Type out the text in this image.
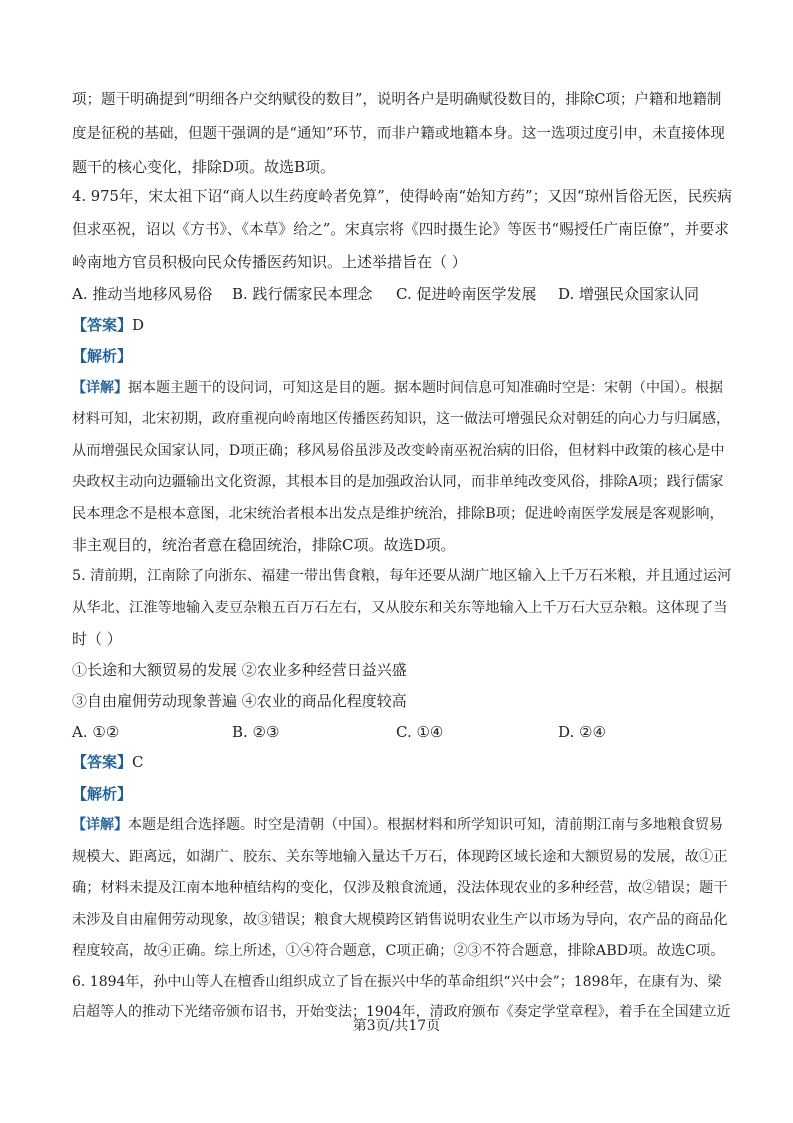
项；题干明确提到“明细各户交纳赋役的数目”，说明各户是明确赋役数目的，排除C项；户籍和地籍制
度是征税的基础，但题干强调的是“通知”环节，而非户籍或地籍本身。这一选项过度引申，未直接体现
题干的核心变化，排除D项。故选B项。
4. 975年，宋太祖下诏“商人以生药度岭者免算”，使得岭南“始知方药”；又因“琼州旨俗无医，民疾病
但求巫祝，诏以《方书》、《本草》给之”。宋真宗将《四时摄生论》等医书“赐授任广南臣僚”，并要求
岭南地方官员积极向民众传播医药知识。上述举措旨在（ ）
A. 推动当地移风易俗 B. 践行儒家民本理念 C. 促进岭南医学发展 D. 增强民众国家认同
【答案】D
【解析】
【详解】据本题主题干的设问词，可知这是目的题。据本题时间信息可知准确时空是：宋朝（中国）。根据
材料可知，北宋初期，政府重视向岭南地区传播医药知识，这一做法可增强民众对朝廷的向心力与归属感，
从而增强民众国家认同，D项正确；移风易俗虽涉及改变岭南巫祝治病的旧俗，但材料中政策的核心是中
央政权主动向边疆输出文化资源，其根本目的是加强政治认同，而非单纯改变风俗，排除A项；践行儒家
民本理念不是根本意图，北宋统治者根本出发点是维护统治，排除B项；促进岭南医学发展是客观影响，
非主观目的，统治者意在稳固统治，排除C项。故选D项。
5. 清前期，江南除了向浙东、福建一带出售食粮，每年还要从湖广地区输入上千万石米粮，并且通过运河
从华北、江淮等地输入麦豆杂粮五百万石左右，又从胶东和关东等地输入上千万石大豆杂粮。这体现了当
时（ ）
①长途和大额贸易的发展 ②农业多种经营日益兴盛
③自由雇佣劳动现象普遍 ④农业的商品化程度较高
A. ①②	B. ②③	C. ①④	D. ②④
【答案】C
【解析】
【详解】本题是组合选择题。时空是清朝（中国）。根据材料和所学知识可知，清前期江南与多地粮食贸易
规模大、距离远，如湖广、胶东、关东等地输入量达千万石，体现跨区域长途和大额贸易的发展，故①正
确；材料未提及江南本地种植结构的变化，仅涉及粮食流通，没法体现农业的多种经营，故②错误；题干
未涉及自由雇佣劳动现象，故③错误；粮食大规模跨区销售说明农业生产以市场为导向，农产品的商品化
程度较高，故④正确。综上所述，①④符合题意，C项正确；②③不符合题意，排除ABD项。故选C项。
6. 1894年，孙中山等人在檀香山组织成立了旨在振兴中华的革命组织“兴中会”；1898年，在康有为、梁
启超等人的推动下光绪帝颁布诏书，开始变法；1904年，清政府颁布《奏定学堂章程》，着手在全国建立近
第3页/共17页
